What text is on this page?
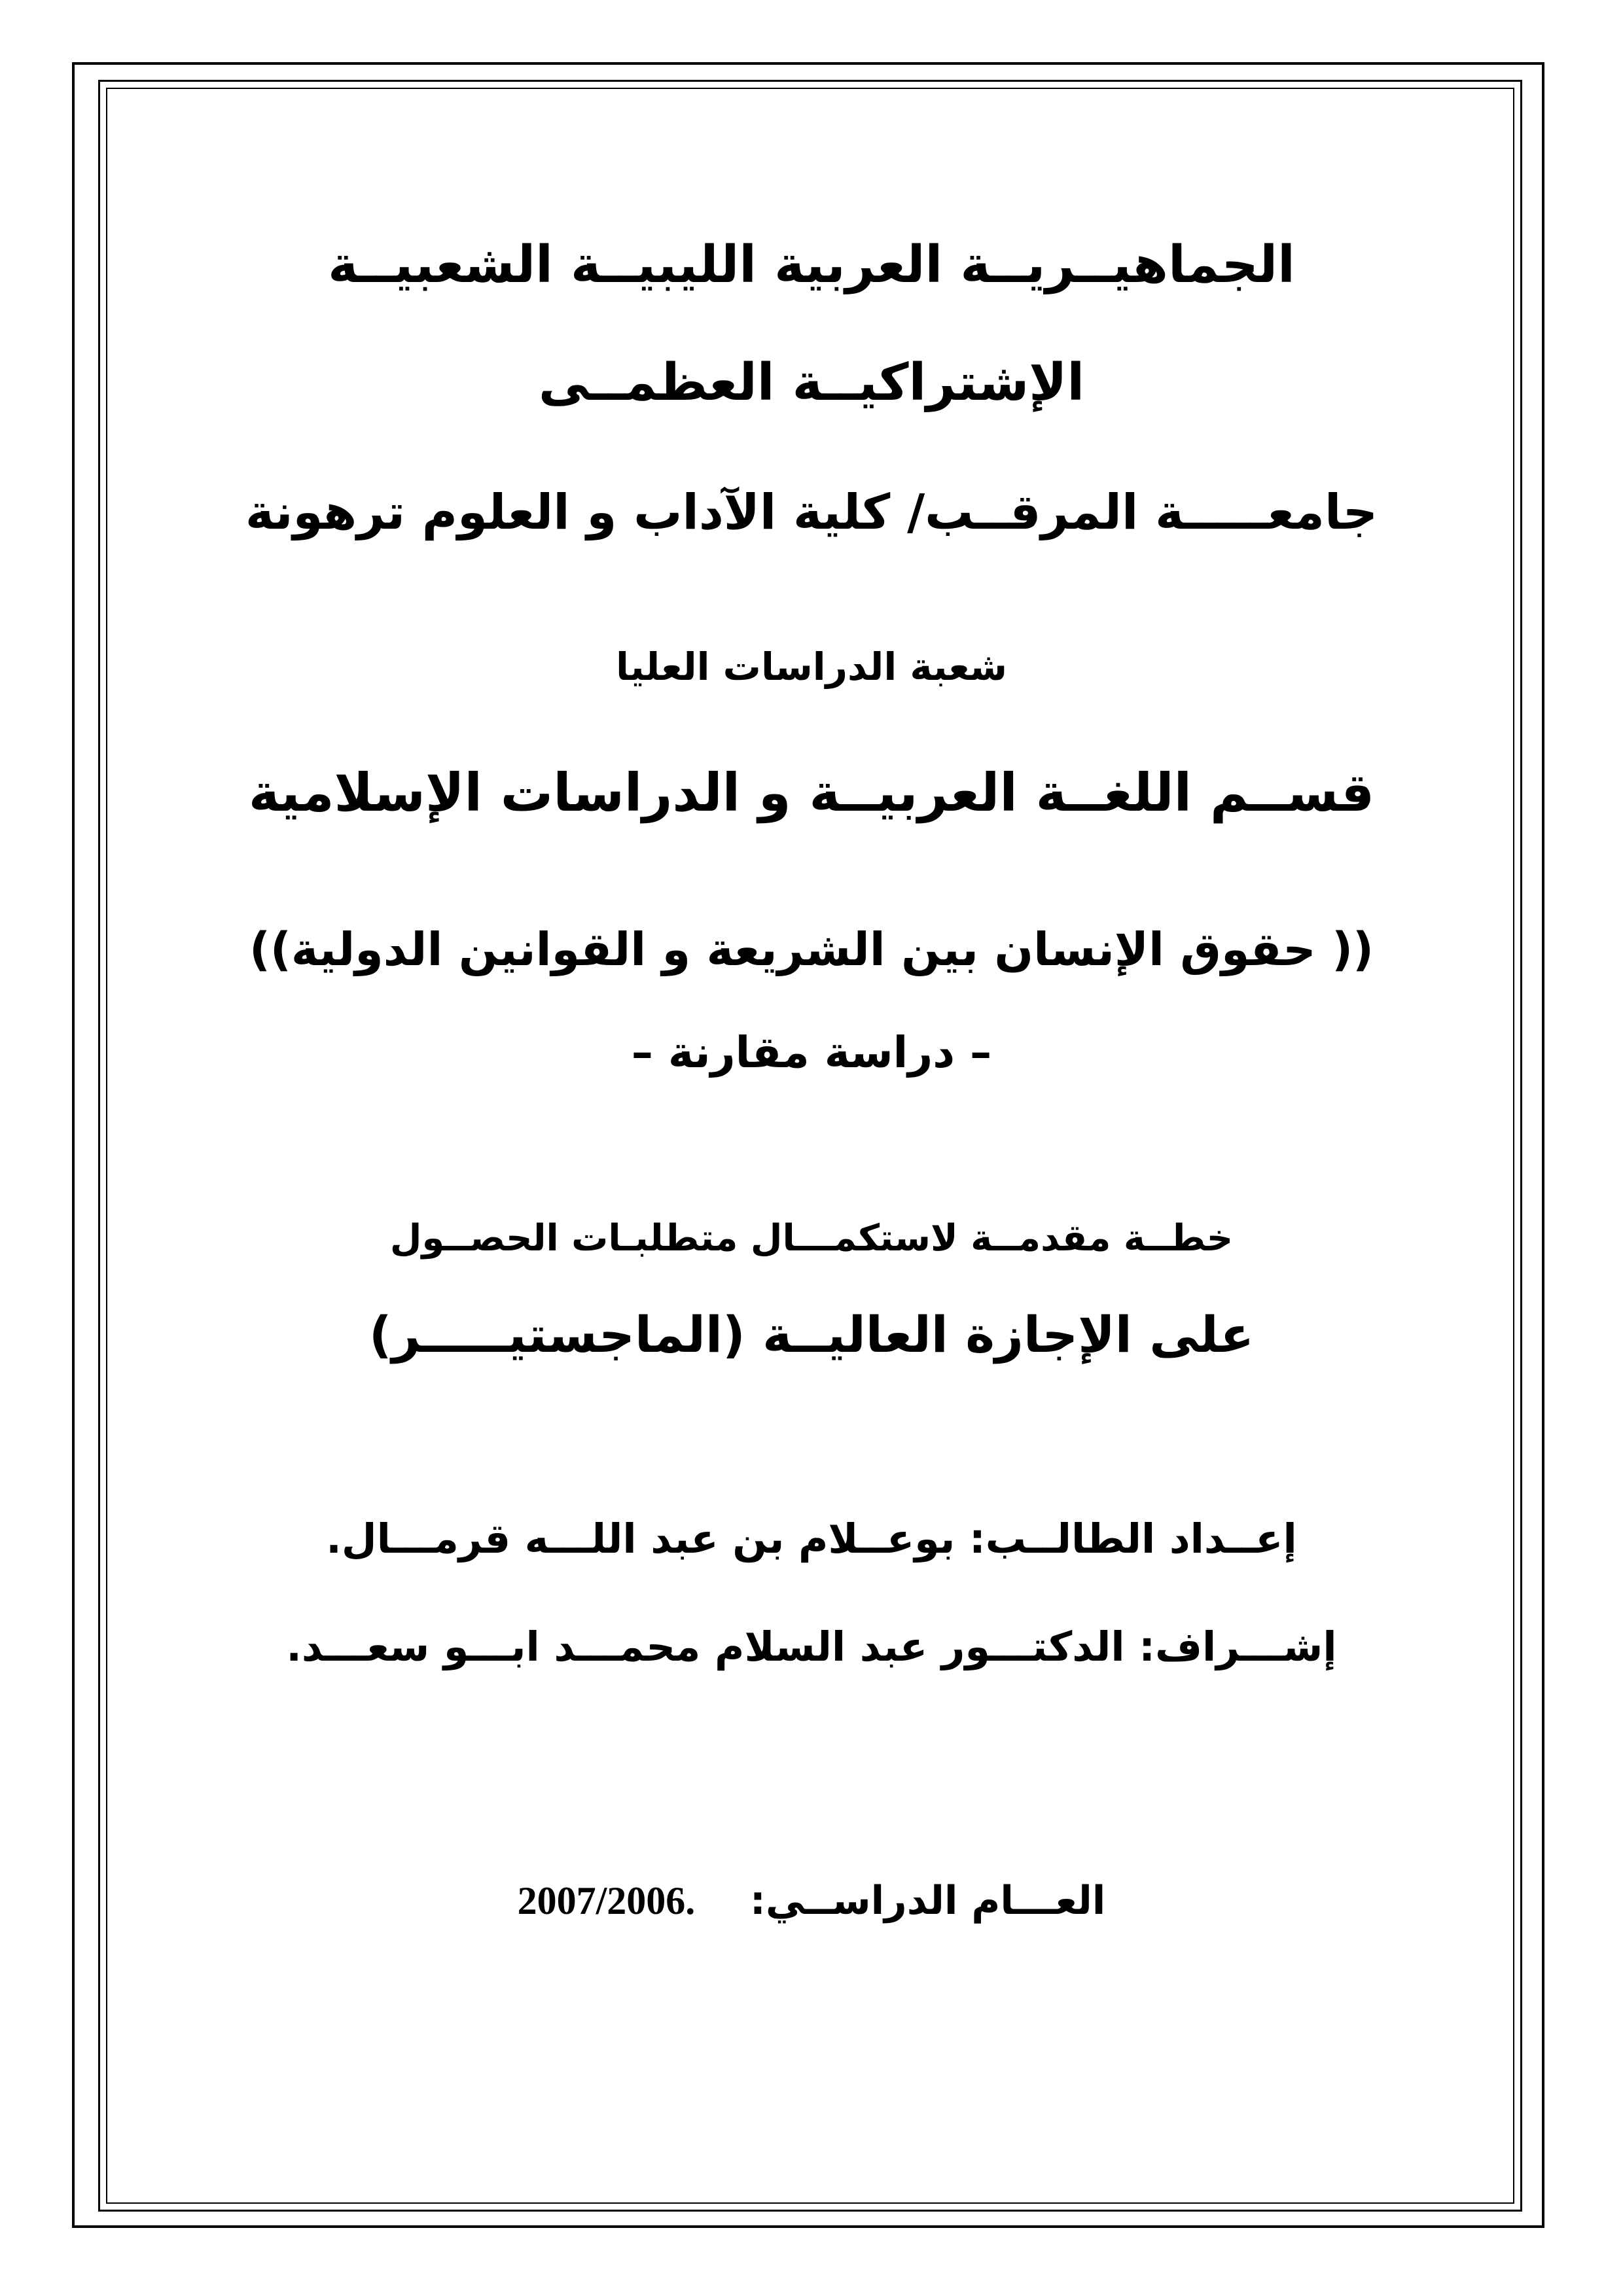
الجماهيــريــة العربية الليبيــة الشعبيــة
الإشتراكيــة العظمــى
جامعـــــة المرقــب/ كلية الآداب و العلوم ترهونة
شعبة الدراسات العليا
قســم اللغــة العربيــة و الدراسات الإسلامية
(( حقوق الإنسان بين الشريعة و القوانين الدولية))
– دراسة مقارنة –
خطــة مقدمــة لاستكمـــال متطلبـات الحصــول
على الإجازة العاليــة (الماجستيـــــر)
إعــداد الطالــب: بوعــلام بن عبد اللـــه قرمـــال.
إشـــراف: الدكتـــور عبد السلام محمـــد ابـــو سعـــد.
العـــام الدراســي:    2007/2006.
